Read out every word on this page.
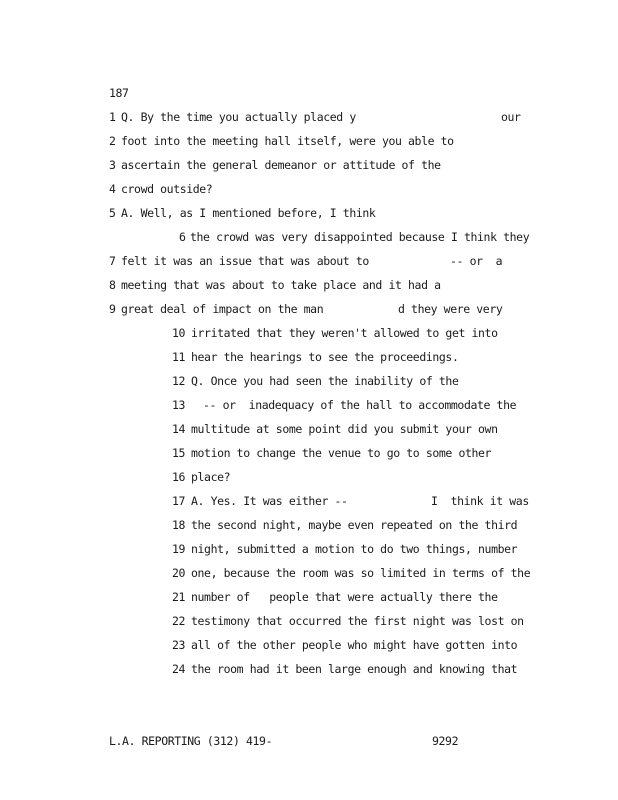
187
1 Q. By the time you actually placed y	our
2 foot into the meeting hall itself, were you able to
3 ascertain the general demeanor or attitude of the
4 crowd outside?
5 A. Well, as I mentioned before, I think
6 the crowd was very disappointed because I think they
7 felt it was an issue that was about to	-- or  a
8 meeting that was about to take place and it had a
9 great deal of impact on the man	d they were very
10 irritated that they weren't allowed to get into
11 hear the hearings to see the proceedings.
12 Q. Once you had seen the inability of the
13 -- or  inadequacy of the hall to accommodate the
14 multitude at some point did you submit your own
15 motion to change the venue to go to some other
16 place?
17 A. Yes. It was either --	I  think it was
18 the second night, maybe even repeated on the third
19 night, submitted a motion to do two things, number
20 one, because the room was so limited in terms of the
21 number of   people that were actually there the
22 testimony that occurred the first night was lost on
23 all of the other people who might have gotten into
24 the room had it been large enough and knowing that
L.A. REPORTING (312) 419-	9292
